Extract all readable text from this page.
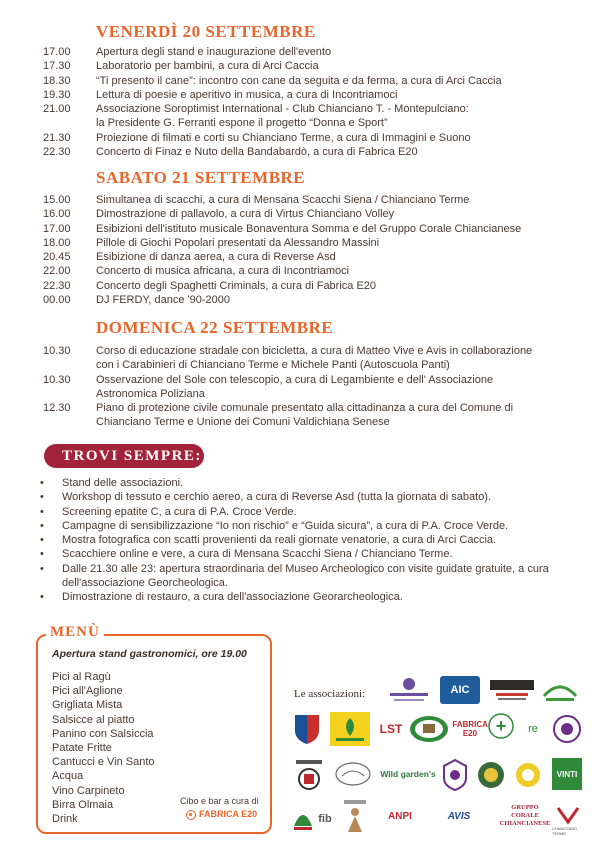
VENERDÌ 20 SETTEMBRE
17.00	Apertura degli stand e inaugurazione dell'evento
17.30	Laboratorio per bambini, a cura di Arci Caccia
18.30	“Ti presento il cane”: incontro con cane da seguita e da ferma, a cura di Arci Caccia
19.30	Lettura di poesie e aperitivo in musica, a cura di Incontriamoci
21.00	Associazione Soroptimist International - Club Chianciano T. - Montepulciano:
la Presidente G. Ferranti espone il progetto “Donna e Sport”
21.30	Proiezione di filmati e corti su Chianciano Terme, a cura di Immagini e Suono
22.30	Concerto di Finaz e Nuto della Bandabardò, a cura di Fabrica E20
SABATO 21 SETTEMBRE
15.00	Simultanea di scacchi, a cura di Mensana Scacchi Siena / Chianciano Terme
16.00	Dimostrazione di pallavolo, a cura di Virtus Chianciano Volley
17.00	Esibizioni dell'istituto musicale Bonaventura Somma e del Gruppo Corale Chiancianese
18.00	Pillole di Giochi Popolari presentati da Alessandro Massini
20.45	Esibizione di danza aerea, a cura di Reverse Asd
22.00	Concerto di musica africana, a cura di Incontriamoci
22.30	Concerto degli Spaghetti Criminals, a cura di Fabrica E20
00.00	DJ FERDY, dance '90-2000
DOMENICA 22 SETTEMBRE
10.30	Corso di educazione stradale con bicicletta, a cura di Matteo Vive e Avis in collaborazione
con i Carabinieri di Chianciano Terme e Michele Panti (Autoscuola Panti)
10.30	Osservazione del Sole con telescopio, a cura di Legambiente e dell' Associazione
Astronomica Poliziana
12.30	Piano di protezione civile comunale presentato alla cittadinanza a cura del Comune di
Chianciano Terme e Unione dei Comuni Valdichiana Senese
TROVI SEMPRE:
• Stand delle associazioni.
• Workshop di tessuto e cerchio aereo, a cura di Reverse Asd (tutta la giornata di sabato).
• Screening epatite C, a cura di P.A. Croce Verde.
• Campagne di sensibilizzazione “Io non rischio” e “Guida sicura”, a cura di P.A. Croce Verde.
• Mostra fotografica con scatti provenienti da reali giornate venatorie, a cura di Arci Caccia.
• Scacchiere online e vere, a cura di Mensana Scacchi Siena / Chianciano Terme.
• Dalle 21.30 alle 23: apertura straordinaria del Museo Archeologico con visite guidate gratuite, a cura dell'associazione Georcheologica.
• Dimostrazione di restauro, a cura dell'associazione Georarcheologica.
MENÙ
Apertura stand gastronomici, ore 19.00
Pici al Ragù
Pici all'Aglione
Grigliata Mista
Salsicce al piatto
Panino con Salsiccia
Patate Fritte
Cantucci e Vin Santo
Acqua
Vino Carpineto
Birra Olmaia
Drink
Cibo e bar a cura di
FABRICA E20
Le associazioni:	AIC
LST	FABRICA E20	+	re
Wild garden's	VINTI
fib	ANPI	AVIS
GRUPPO CORALE CHIANCIANESE
CHIANCIANO TERME
